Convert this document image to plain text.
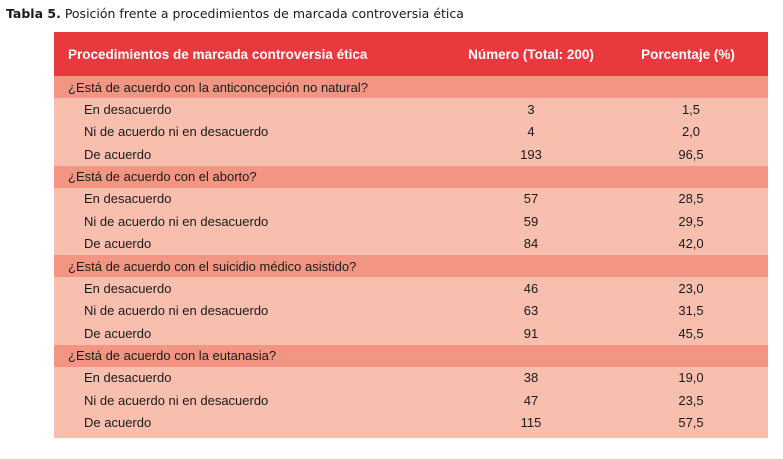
Tabla 5. Posición frente a procedimientos de marcada controversia ética
Procedimientos de marcada controversia ética	Número (Total: 200)	Porcentaje (%)
¿Está de acuerdo con la anticoncepción no natural?		
En desacuerdo	3	1,5
Ni de acuerdo ni en desacuerdo	4	2,0
De acuerdo	193	96,5
¿Está de acuerdo con el aborto?		
En desacuerdo	57	28,5
Ni de acuerdo ni en desacuerdo	59	29,5
De acuerdo	84	42,0
¿Está de acuerdo con el suicidio médico asistido?		
En desacuerdo	46	23,0
Ni de acuerdo ni en desacuerdo	63	31,5
De acuerdo	91	45,5
¿Está de acuerdo con la eutanasia?		
En desacuerdo	38	19,0
Ni de acuerdo ni en desacuerdo	47	23,5
De acuerdo	115	57,5
